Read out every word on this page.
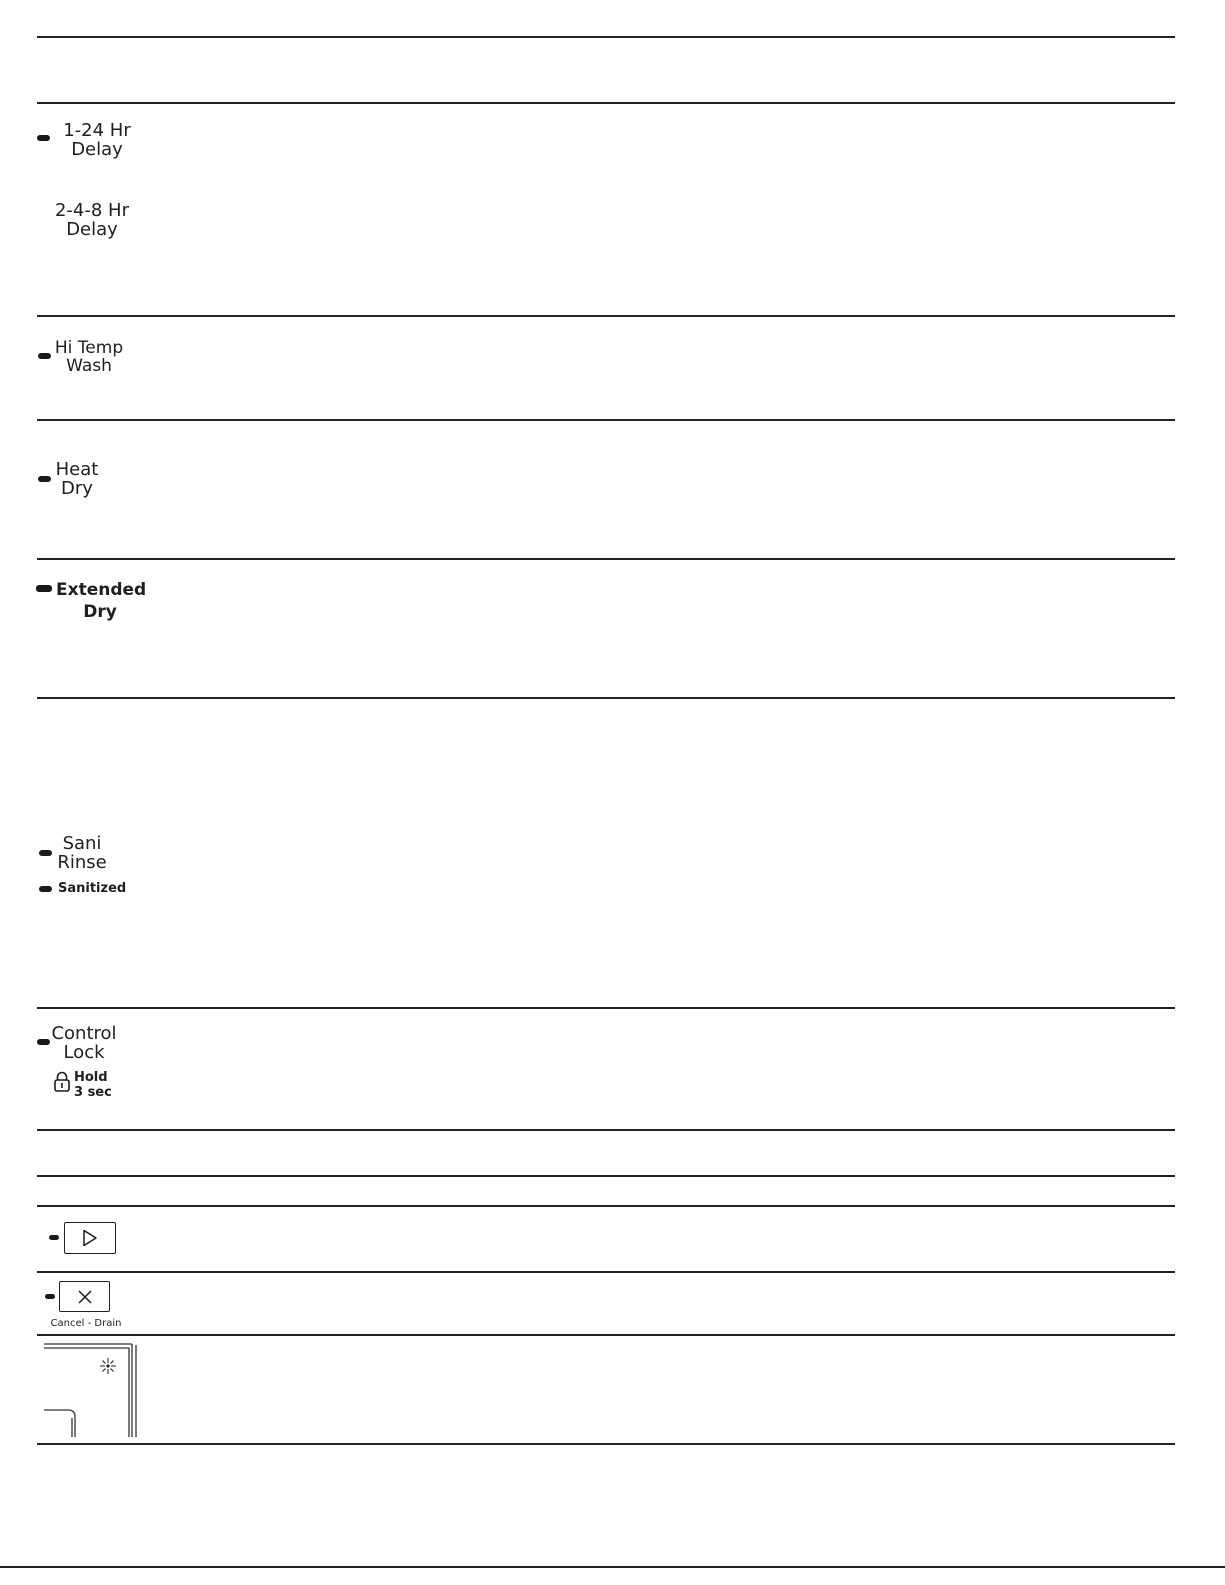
1-24 Hr
Delay
2-4-8 Hr
Delay
Hi Temp
Wash
Heat
Dry
Extended
Dry
Sani
Rinse
Sanitized
Control
Lock
Hold
3 sec
Cancel - Drain
